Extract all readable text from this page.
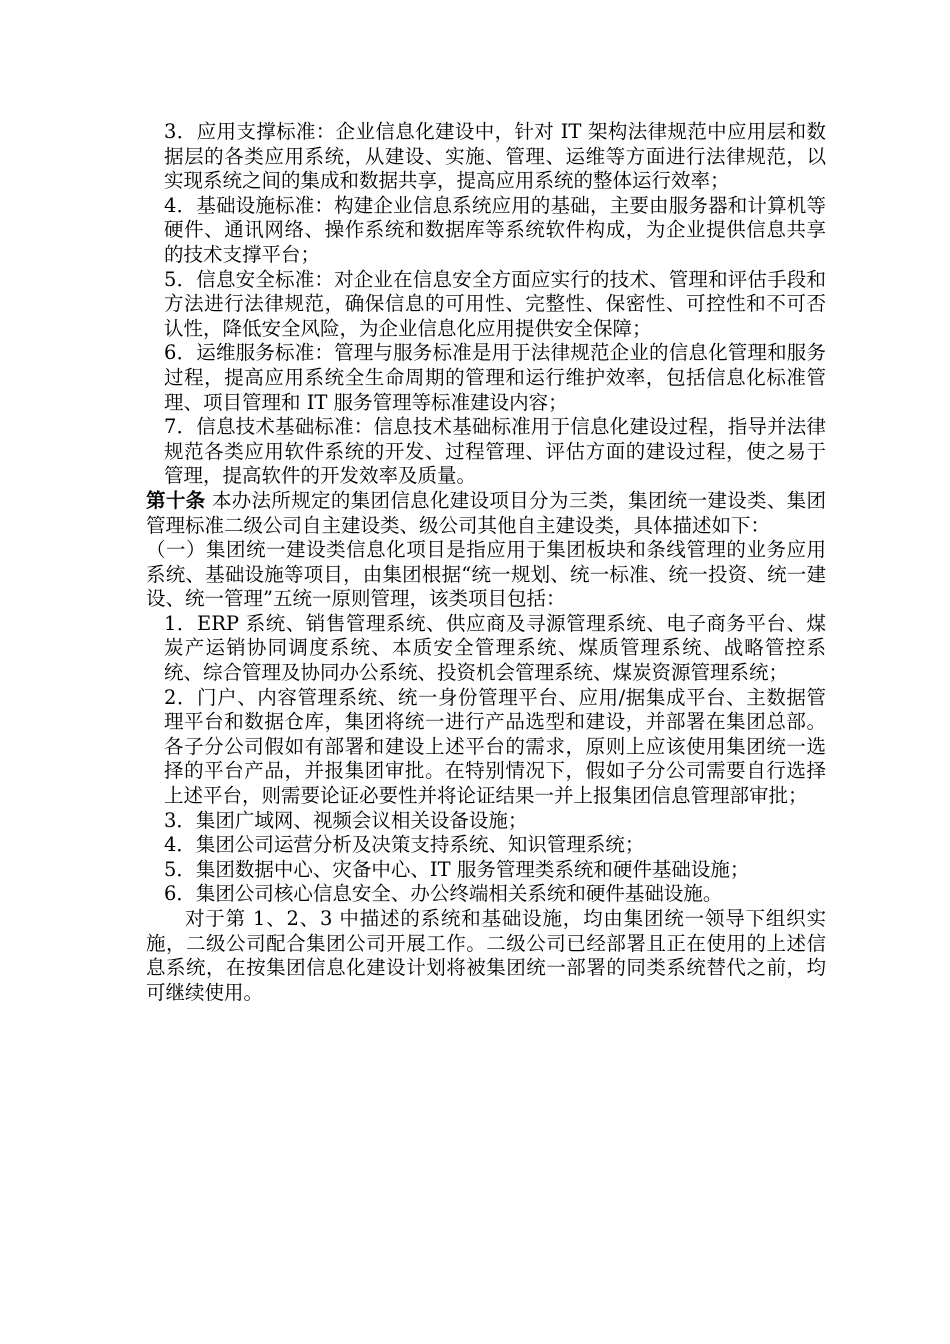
3．应用支撑标准：企业信息化建设中，针对 IT 架构法律规范中应用层和数据层的各类应用系统，从建设、实施、管理、运维等方面进行法律规范，以实现系统之间的集成和数据共享，提高应用系统的整体运行效率；

4．基础设施标准：构建企业信息系统应用的基础，主要由服务器和计算机等硬件、通讯网络、操作系统和数据库等系统软件构成，为企业提供信息共享的技术支撑平台；

5．信息安全标准：对企业在信息安全方面应实行的技术、管理和评估手段和方法进行法律规范，确保信息的可用性、完整性、保密性、可控性和不可否认性，降低安全风险，为企业信息化应用提供安全保障；

6．运维服务标准：管理与服务标准是用于法律规范企业的信息化管理和服务过程，提高应用系统全生命周期的管理和运行维护效率，包括信息化标准管理、项目管理和 IT 服务管理等标准建设内容；

7．信息技术基础标准：信息技术基础标准用于信息化建设过程，指导并法律规范各类应用软件系统的开发、过程管理、评估方面的建设过程，使之易于管理，提高软件的开发效率及质量。

第十条 本办法所规定的集团信息化建设项目分为三类，集团统一建设类、集团管理标准二级公司自主建设类、级公司其他自主建设类，具体描述如下：

（一）集团统一建设类信息化项目是指应用于集团板块和条线管理的业务应用系统、基础设施等项目，由集团根据“统一规划、统一标准、统一投资、统一建设、统一管理”五统一原则管理，该类项目包括：

1．ERP 系统、销售管理系统、供应商及寻源管理系统、电子商务平台、煤炭产运销协同调度系统、本质安全管理系统、煤质管理系统、战略管控系统、综合管理及协同办公系统、投资机会管理系统、煤炭资源管理系统；

2．门户、内容管理系统、统一身份管理平台、应用/据集成平台、主数据管理平台和数据仓库，集团将统一进行产品选型和建设，并部署在集团总部。各子分公司假如有部署和建设上述平台的需求，原则上应该使用集团统一选择的平台产品，并报集团审批。在特别情况下，假如子分公司需要自行选择上述平台，则需要论证必要性并将论证结果一并上报集团信息管理部审批；

3．集团广域网、视频会议相关设备设施；

4．集团公司运营分析及决策支持系统、知识管理系统；

5．集团数据中心、灾备中心、IT 服务管理类系统和硬件基础设施；

6．集团公司核心信息安全、办公终端相关系统和硬件基础设施。

对于第 1、2、3 中描述的系统和基础设施，均由集团统一领导下组织实施，二级公司配合集团公司开展工作。二级公司已经部署且正在使用的上述信息系统，在按集团信息化建设计划将被集团统一部署的同类系统替代之前，均可继续使用。
